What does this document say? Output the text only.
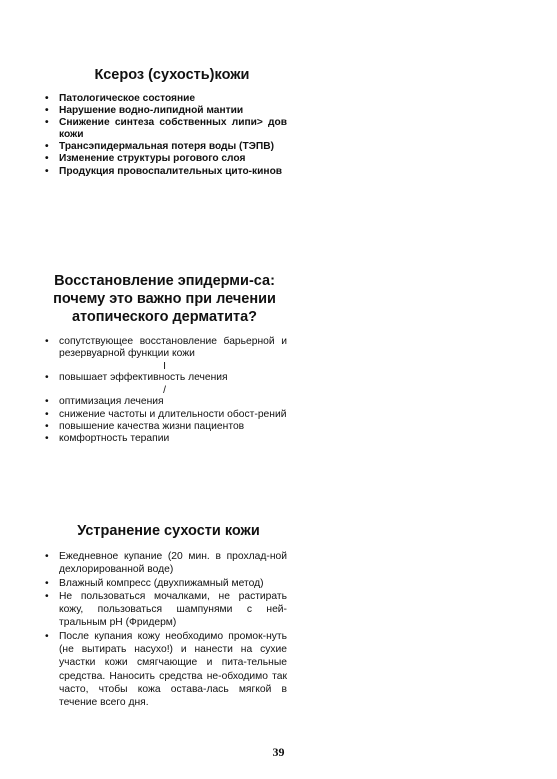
Ксероз (сухость)кожи
• Патологическое состояние
• Нарушение водно-липидной мантии
• Снижение синтеза собственных липи> дов кожи
• Трансэпидермальная потеря воды (ТЭПВ)
• Изменение структуры рогового слоя
• Продукция провоспалительных цито-кинов
Восстановление эпидерми-са: почему это важно при лечении атопического дерматита?
• сопутствующее восстановление барьерной и резервуарной функции кожи
I
• повышает эффективность лечения
/
• оптимизация лечения
• снижение частоты и длительности обост-рений
• повышение качества жизни пациентов
• комфортность терапии
Устранение сухости кожи
• Ежедневное купание (20 мин. в прохлад-ной дехлорированной воде)
• Влажный компресс (двухпижамный метод)
• Не пользоваться мочалками, не растирать кожу, пользоваться шампунями с ней-тральным рН (Фридерм)
• После купания кожу необходимо промок-нуть (не вытирать насухо!) и нанести на сухие участки кожи смягчающие и пита-тельные средства. Наносить средства не-обходимо так часто, чтобы кожа остава-лась мягкой в течение всего дня.
39
